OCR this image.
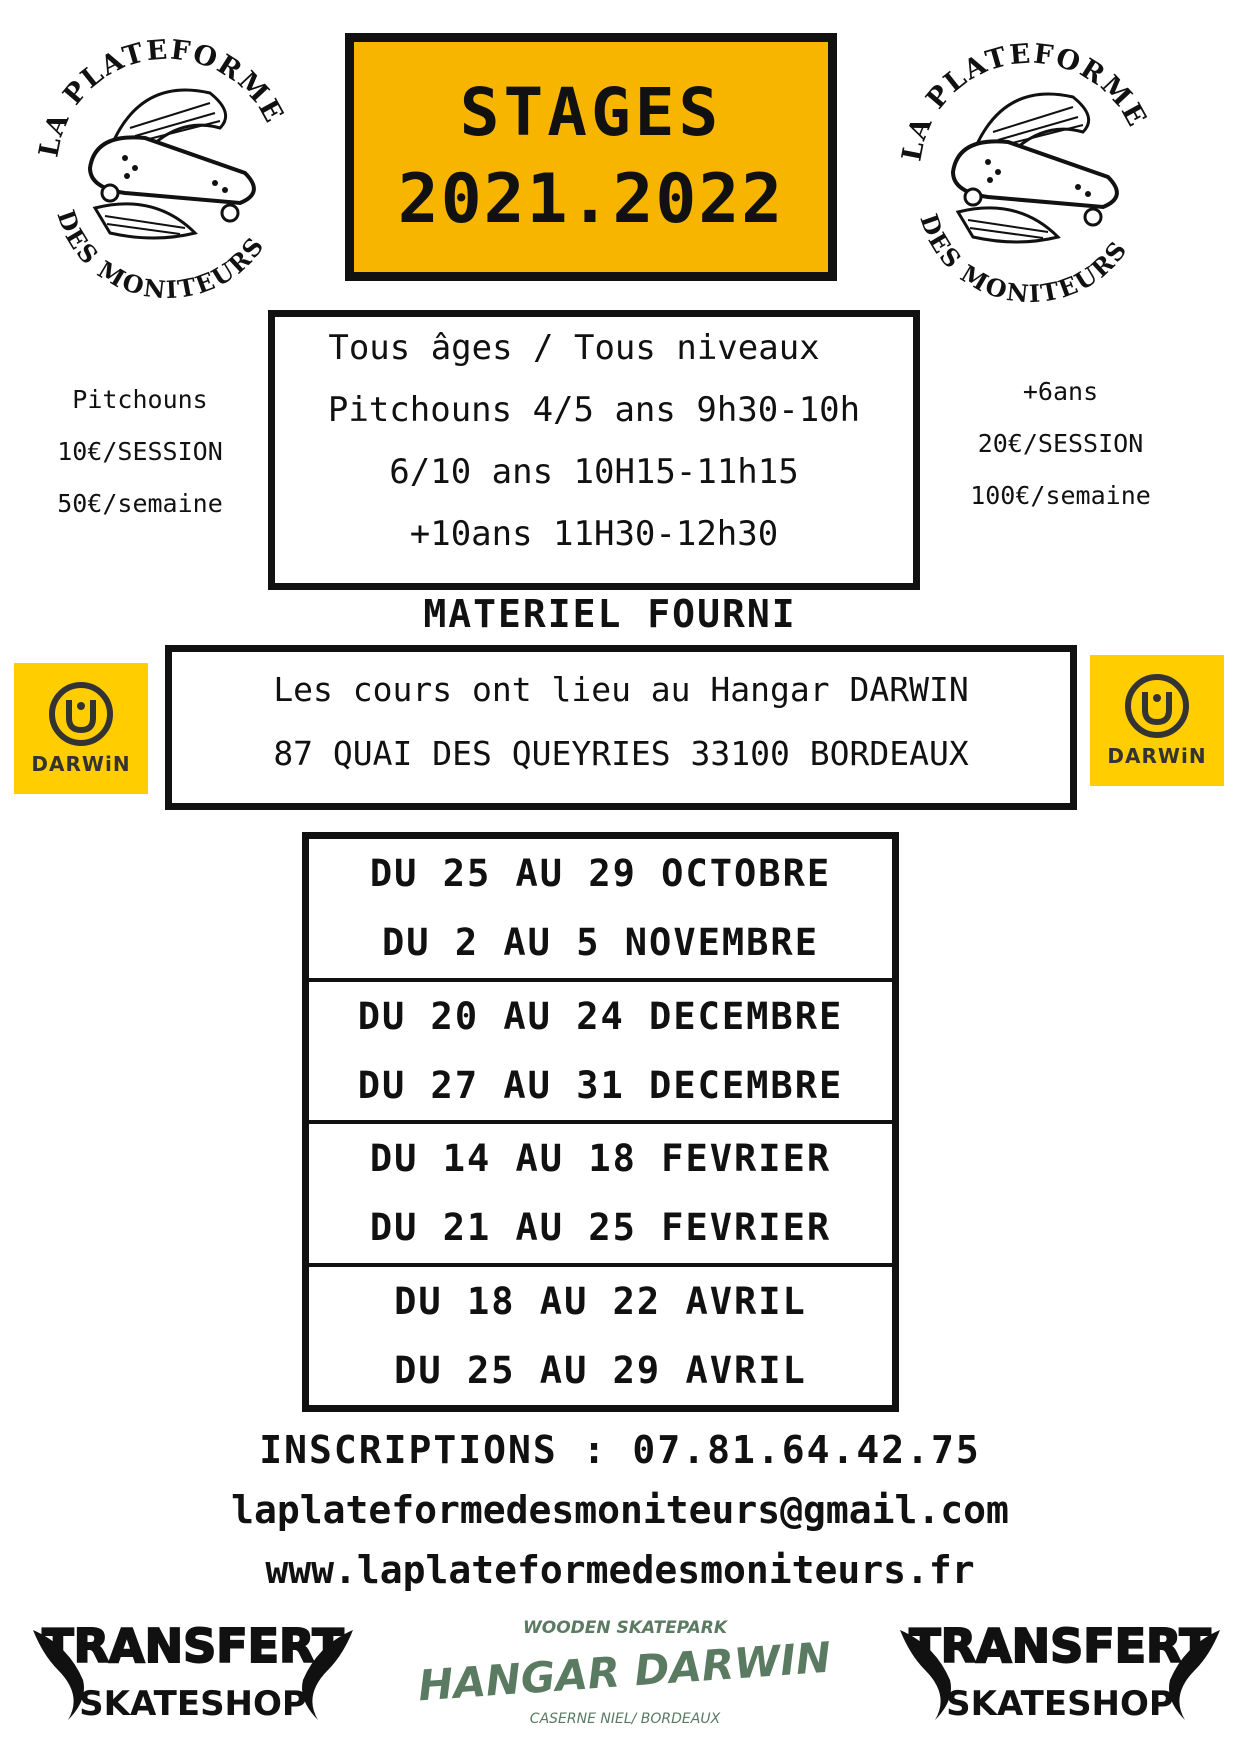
LA PLATEFORME
DES MONITEURS
STAGES
2021.2022
LA PLATEFORME
DES MONITEURS
Pitchouns
10€/SESSION
50€/semaine
Tous âges / Tous niveaux
Pitchouns 4/5 ans 9h30-10h
6/10 ans 10H15-11h15
+10ans 11H30-12h30
+6ans
20€/SESSION
100€/semaine
MATERIEL FOURNI
DARWiN
Les cours ont lieu au Hangar DARWIN
87 QUAI DES QUEYRIES 33100 BORDEAUX	DARWiN
DU 25 AU 29 OCTOBRE
DU 2 AU 5 NOVEMBRE
DU 20 AU 24 DECEMBRE
DU 27 AU 31 DECEMBRE
DU 14 AU 18 FEVRIER
DU 21 AU 25 FEVRIER
DU 18 AU 22 AVRIL
DU 25 AU 29 AVRIL
INSCRIPTIONS : 07.81.64.42.75
laplateformedesmoniteurs@gmail.com
www.laplateformedesmoniteurs.fr
TRANSFERT
SKATESHOP
WOODEN SKATEPARK
HANGAR DARWIN
CASERNE NIEL/ BORDEAUX
TRANSFERT
SKATESHOP
